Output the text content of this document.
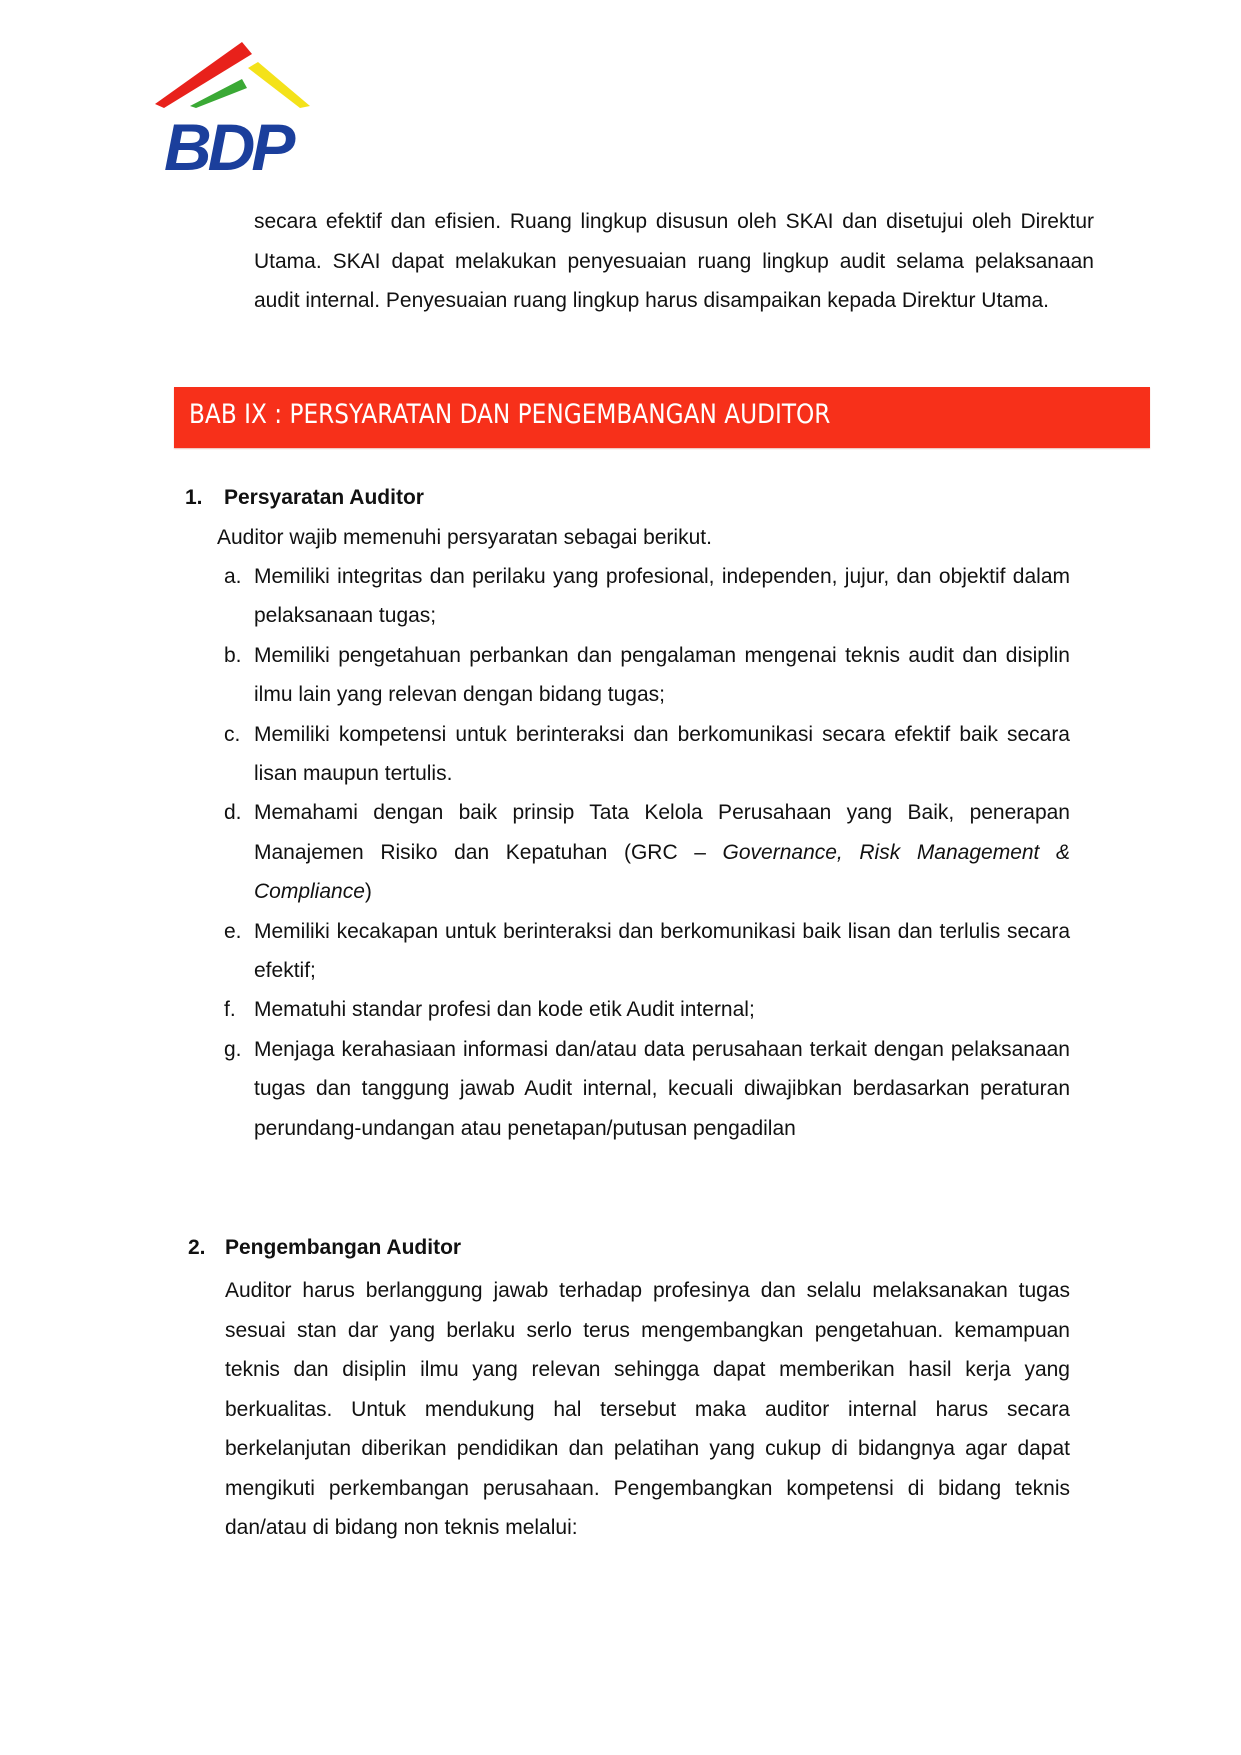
BDP

secara efektif dan efisien. Ruang lingkup disusun oleh SKAI dan disetujui oleh Direktur Utama. SKAI dapat melakukan penyesuaian ruang lingkup audit selama pelaksanaan audit internal. Penyesuaian ruang lingkup harus disampaikan kepada Direktur Utama.

BAB IX : PERSYARATAN DAN PENGEMBANGAN AUDITOR
1. Persyaratan Auditor
Auditor wajib memenuhi persyaratan sebagai berikut.
a. Memiliki integritas dan perilaku yang profesional, independen, jujur, dan objektif dalam pelaksanaan tugas;
b. Memiliki pengetahuan perbankan dan pengalaman mengenai teknis audit dan disiplin ilmu lain yang relevan dengan bidang tugas;
c. Memiliki kompetensi untuk berinteraksi dan berkomunikasi secara efektif baik secara lisan maupun tertulis.
d. Memahami dengan baik prinsip Tata Kelola Perusahaan yang Baik, penerapan Manajemen Risiko dan Kepatuhan (GRC – Governance, Risk Management & Compliance)
e. Memiliki kecakapan untuk berinteraksi dan berkomunikasi baik lisan dan terlulis secara efektif;
f. Mematuhi standar profesi dan kode etik Audit internal;
g. Menjaga kerahasiaan informasi dan/atau data perusahaan terkait dengan pelaksanaan tugas dan tanggung jawab Audit internal, kecuali diwajibkan berdasarkan peraturan perundang-undangan atau penetapan/putusan pengadilan
2. Pengembangan Auditor

Auditor harus berlanggung jawab terhadap profesinya dan selalu melaksanakan tugas sesuai stan dar yang berlaku serlo terus mengembangkan pengetahuan. kemampuan teknis dan disiplin ilmu yang relevan sehingga dapat memberikan hasil kerja yang berkualitas. Untuk mendukung hal tersebut maka auditor internal harus secara berkelanjutan diberikan pendidikan dan pelatihan yang cukup di bidangnya agar dapat mengikuti perkembangan perusahaan. Pengembangkan kompetensi di bidang teknis dan/atau di bidang non teknis melalui:
